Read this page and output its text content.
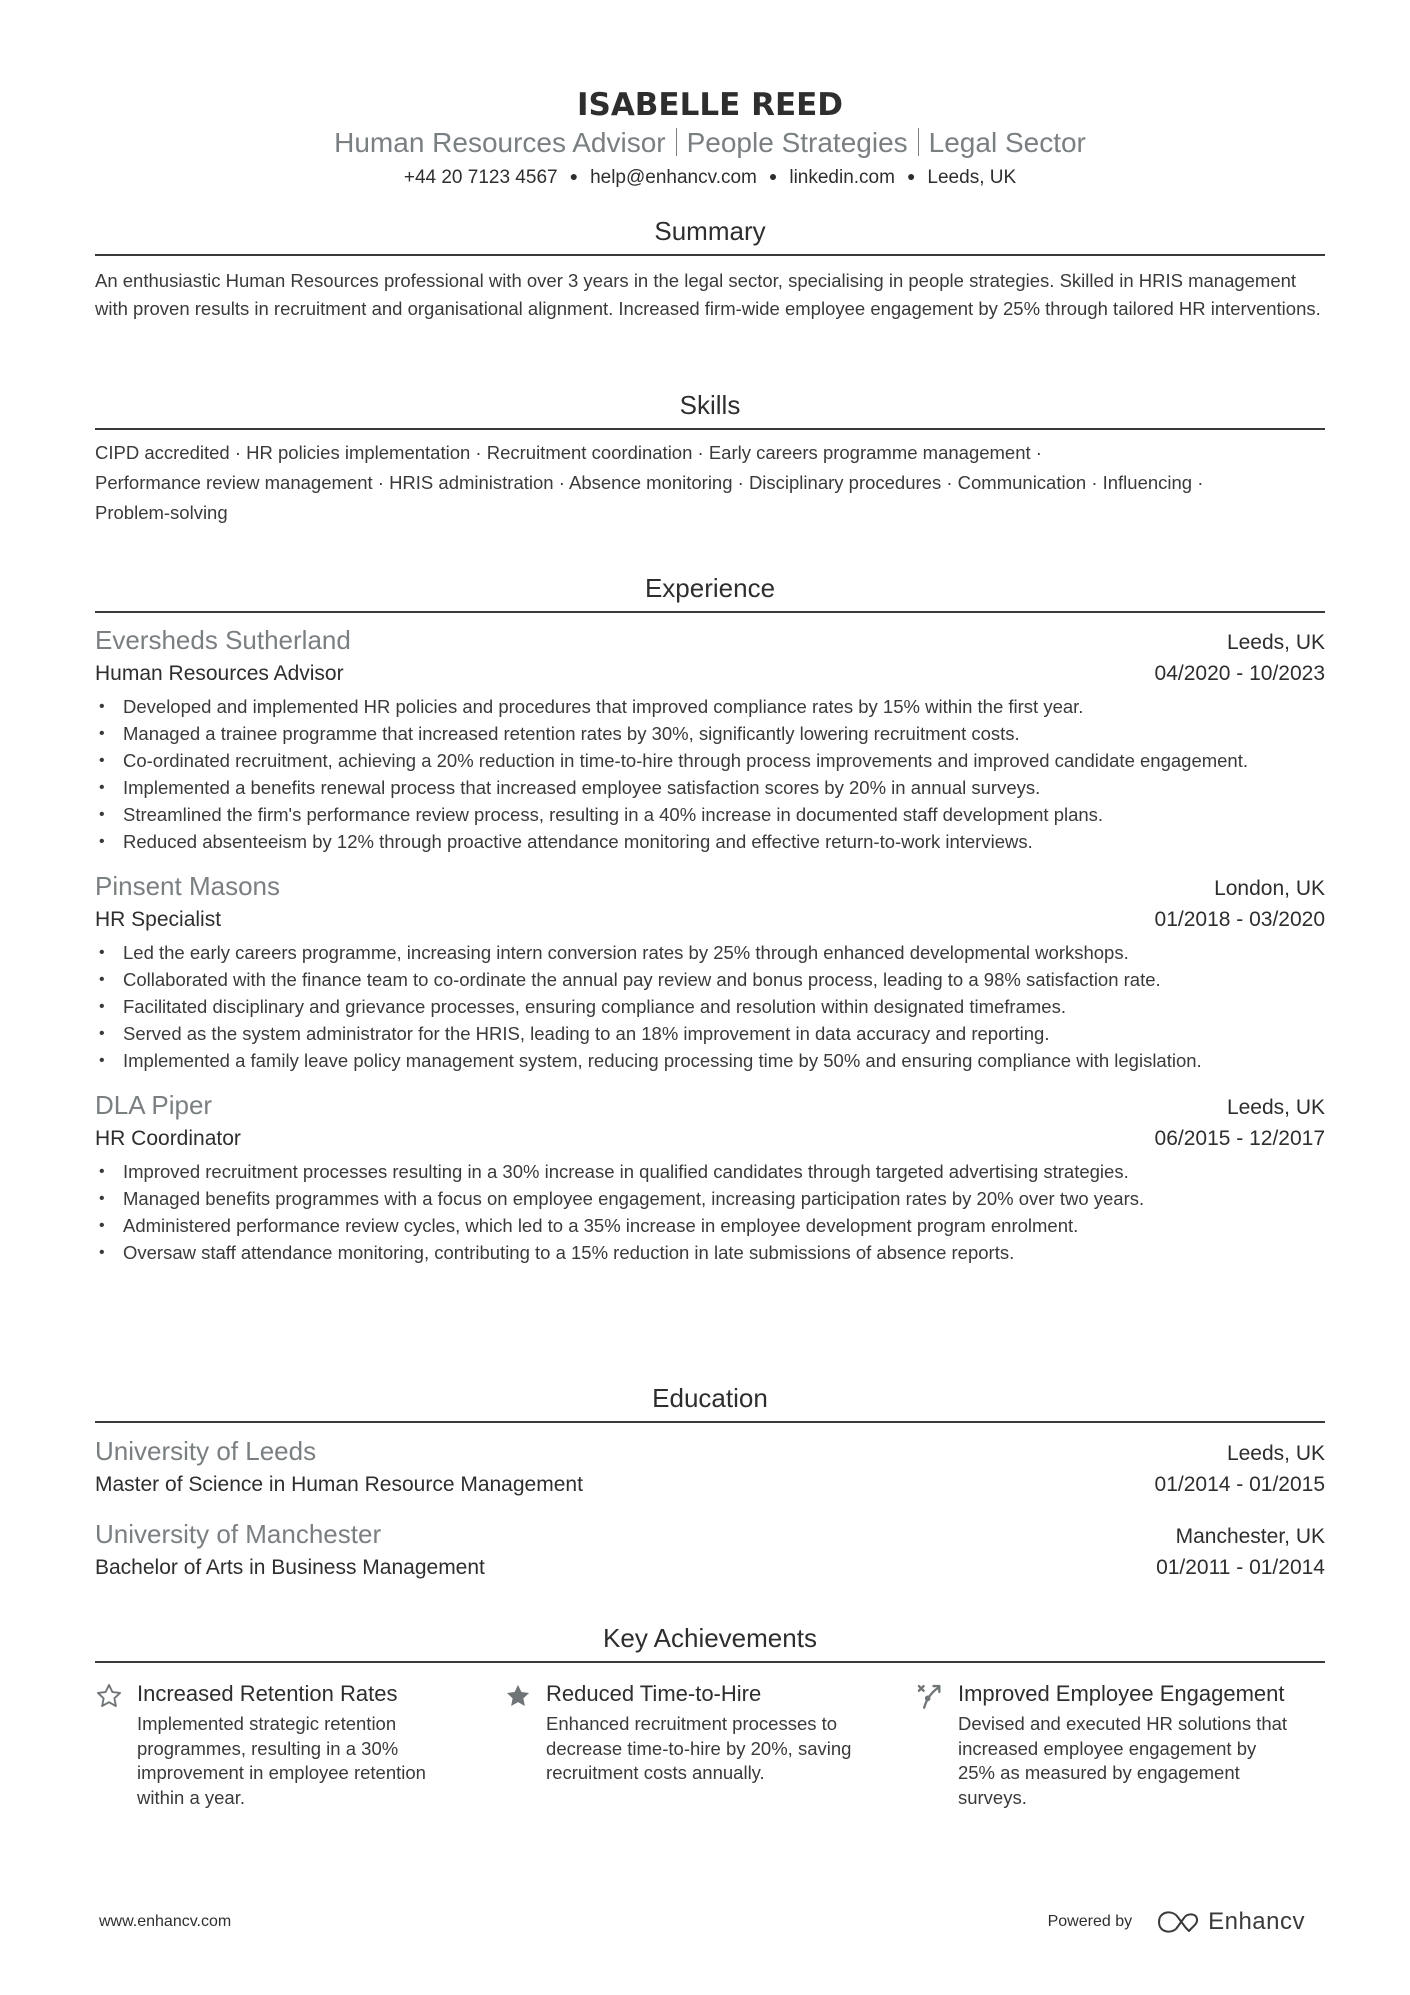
ISABELLE REED
Human Resources Advisor People Strategies Legal Sector
+44 20 7123 4567 ● help@enhancv.com ● linkedin.com ● Leeds, UK
Summary
An enthusiastic Human Resources professional with over 3 years in the legal sector, specialising in people strategies. Skilled in HRIS management with proven results in recruitment and organisational alignment. Increased firm-wide employee engagement by 25% through tailored HR interventions.
Skills
CIPD accredited · HR policies implementation · Recruitment coordination · Early careers programme management ·
Performance review management · HRIS administration · Absence monitoring · Disciplinary procedures · Communication · Influencing ·
Problem-solving
Experience
Eversheds Sutherland	Leeds, UK
Human Resources Advisor	04/2020 - 10/2023
• Developed and implemented HR policies and procedures that improved compliance rates by 15% within the first year.
• Managed a trainee programme that increased retention rates by 30%, significantly lowering recruitment costs.
• Co-ordinated recruitment, achieving a 20% reduction in time-to-hire through process improvements and improved candidate engagement.
• Implemented a benefits renewal process that increased employee satisfaction scores by 20% in annual surveys.
• Streamlined the firm's performance review process, resulting in a 40% increase in documented staff development plans.
• Reduced absenteeism by 12% through proactive attendance monitoring and effective return-to-work interviews.
Pinsent Masons	London, UK
HR Specialist	01/2018 - 03/2020
• Led the early careers programme, increasing intern conversion rates by 25% through enhanced developmental workshops.
• Collaborated with the finance team to co-ordinate the annual pay review and bonus process, leading to a 98% satisfaction rate.
• Facilitated disciplinary and grievance processes, ensuring compliance and resolution within designated timeframes.
• Served as the system administrator for the HRIS, leading to an 18% improvement in data accuracy and reporting.
• Implemented a family leave policy management system, reducing processing time by 50% and ensuring compliance with legislation.
DLA Piper	Leeds, UK
HR Coordinator	06/2015 - 12/2017
• Improved recruitment processes resulting in a 30% increase in qualified candidates through targeted advertising strategies.
• Managed benefits programmes with a focus on employee engagement, increasing participation rates by 20% over two years.
• Administered performance review cycles, which led to a 35% increase in employee development program enrolment.
• Oversaw staff attendance monitoring, contributing to a 15% reduction in late submissions of absence reports.
Education
University of Leeds	Leeds, UK
Master of Science in Human Resource Management	01/2014 - 01/2015
University of Manchester	Manchester, UK
Bachelor of Arts in Business Management	01/2011 - 01/2014
Key Achievements
Increased Retention Rates
Implemented strategic retention programmes, resulting in a 30% improvement in employee retention within a year.
Reduced Time-to-Hire
Enhanced recruitment processes to decrease time-to-hire by 20%, saving recruitment costs annually.
Improved Employee Engagement
Devised and executed HR solutions that increased employee engagement by 25% as measured by engagement surveys.
www.enhancv.com	Powered by	Enhancv
